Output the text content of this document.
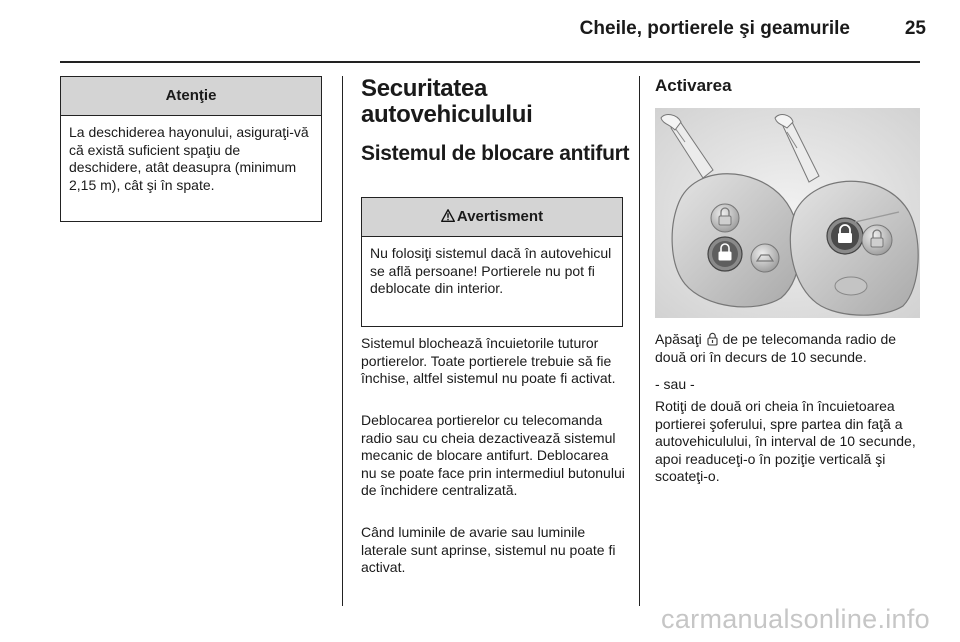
Cheile, portierele şi geamurile	25
Atenţie
La deschiderea hayonului, asiguraţi-vă că există suficient spaţiu de deschidere, atât deasupra (minimum 2,15 m), cât şi în spate.
Securitatea autovehiculului
Sistemul de blocare antifurt
Avertisment
Nu folosiţi sistemul dacă în autovehicul se află persoane! Portierele nu pot fi deblocate din interior.

Sistemul blochează încuietorile tuturor portierelor. Toate portierele trebuie să fie închise, altfel sistemul nu poate fi activat.

Deblocarea portierelor cu telecomanda radio sau cu cheia dezactivează sistemul mecanic de blocare antifurt. Deblocarea nu se poate face prin intermediul butonului de închidere centralizată.

Când luminile de avarie sau luminile laterale sunt aprinse, sistemul nu poate fi activat.

Activarea

Apăsaţi de pe telecomanda radio de două ori în decurs de 10 secunde.

- sau -

Rotiţi de două ori cheia în încuietoarea portierei şoferului, spre partea din faţă a autovehiculului, în interval de 10 secunde, apoi readuceţi-o în poziţie verticală şi scoateţi-o.

carmanualsonline.info
